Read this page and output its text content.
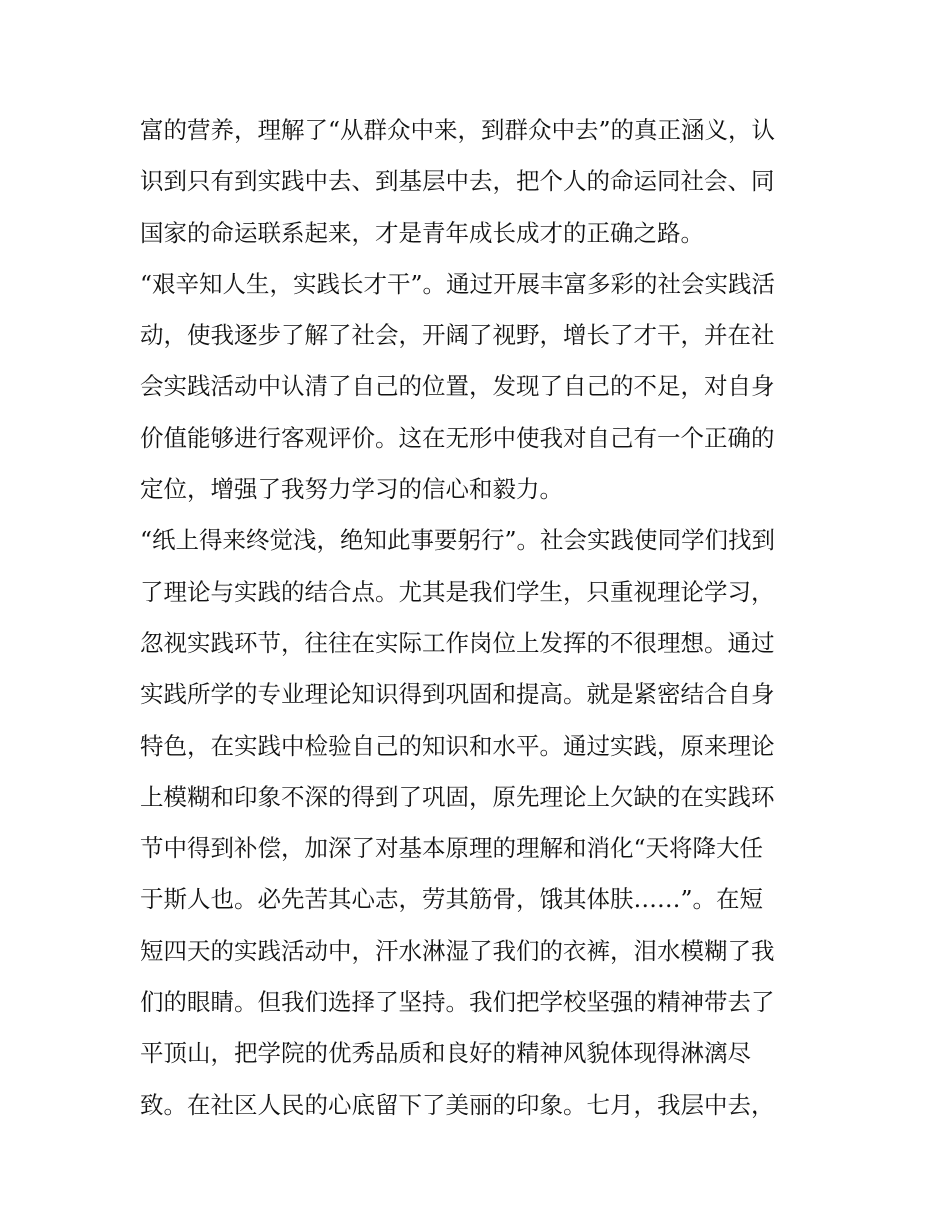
富的营养，理解了“从群众中来，到群众中去”的真正涵义，认
识到只有到实践中去、到基层中去，把个人的命运同社会、同
国家的命运联系起来，才是青年成长成才的正确之路。
“艰辛知人生，实践长才干”。通过开展丰富多彩的社会实践活
动，使我逐步了解了社会，开阔了视野，增长了才干，并在社
会实践活动中认清了自己的位置，发现了自己的不足，对自身
价值能够进行客观评价。这在无形中使我对自己有一个正确的
定位，增强了我努力学习的信心和毅力。
“纸上得来终觉浅，绝知此事要躬行”。社会实践使同学们找到
了理论与实践的结合点。尤其是我们学生，只重视理论学习，
忽视实践环节，往往在实际工作岗位上发挥的不很理想。通过
实践所学的专业理论知识得到巩固和提高。就是紧密结合自身
特色，在实践中检验自己的知识和水平。通过实践，原来理论
上模糊和印象不深的得到了巩固，原先理论上欠缺的在实践环
节中得到补偿，加深了对基本原理的理解和消化“天将降大任
于斯人也。必先苦其心志，劳其筋骨，饿其体肤……”。在短
短四天的实践活动中，汗水淋湿了我们的衣裤，泪水模糊了我
们的眼睛。但我们选择了坚持。我们把学校坚强的精神带去了
平顶山，把学院的优秀品质和良好的精神风貌体现得淋漓尽
致。在社区人民的心底留下了美丽的印象。七月，我层中去，
